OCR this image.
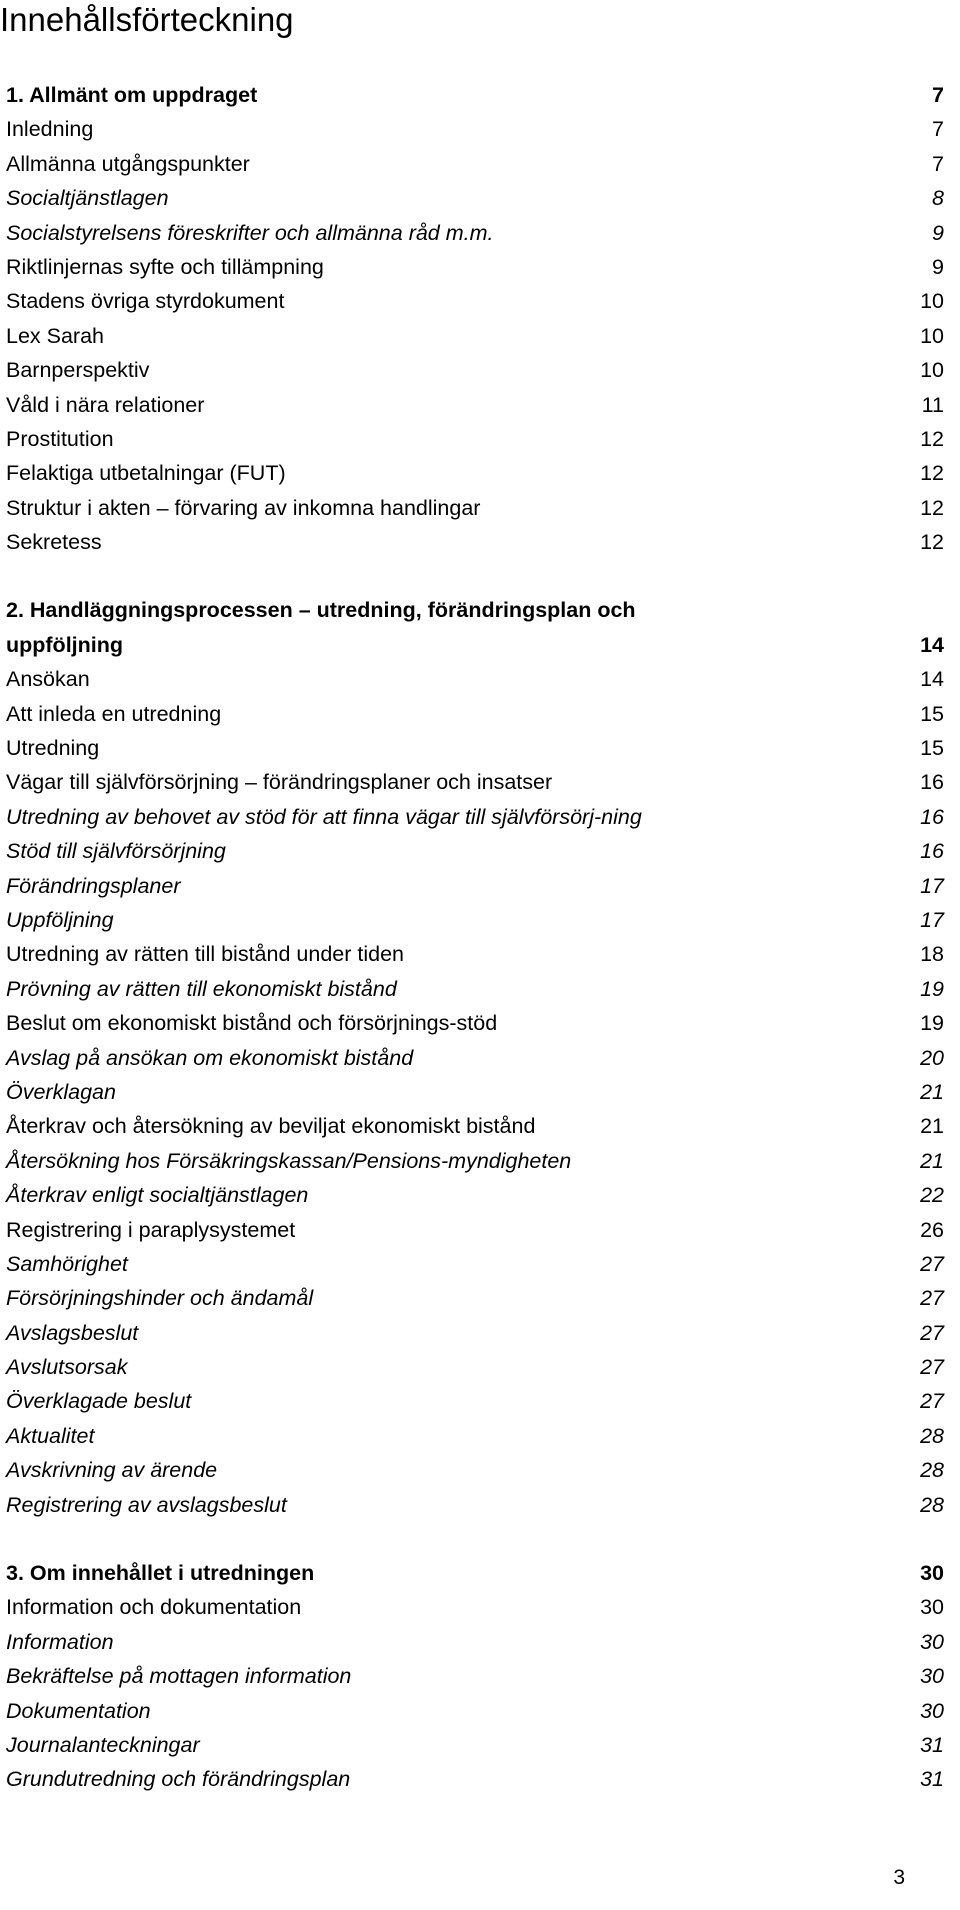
Innehållsförteckning
1. Allmänt om uppdraget	7
Inledning	7
Allmänna utgångspunkter	7
Socialtjänstlagen	8
Socialstyrelsens föreskrifter och allmänna råd m.m.	9
Riktlinjernas syfte och tillämpning	9
Stadens övriga styrdokument	10
Lex Sarah	10
Barnperspektiv	10
Våld i nära relationer	11
Prostitution	12
Felaktiga utbetalningar (FUT)	12
Struktur i akten – förvaring av inkomna handlingar	12
Sekretess	12
2. Handläggningsprocessen – utredning, förändringsplan och
uppföljning	14
Ansökan	14
Att inleda en utredning	15
Utredning	15
Vägar till självförsörjning – förändringsplaner och insatser	16
Utredning av behovet av stöd för att finna vägar till självförsörj-ning	16
Stöd till självförsörjning	16
Förändringsplaner	17
Uppföljning	17
Utredning av rätten till bistånd under tiden	18
Prövning av rätten till ekonomiskt bistånd	19
Beslut om ekonomiskt bistånd och försörjnings-stöd	19
Avslag på ansökan om ekonomiskt bistånd	20
Överklagan	21
Återkrav och återsökning av beviljat ekonomiskt bistånd	21
Återsökning hos Försäkringskassan/Pensions-myndigheten	21
Återkrav enligt socialtjänstlagen	22
Registrering i paraplysystemet	26
Samhörighet	27
Försörjningshinder och ändamål	27
Avslagsbeslut	27
Avslutsorsak	27
Överklagade beslut	27
Aktualitet	28
Avskrivning av ärende	28
Registrering av avslagsbeslut	28
3. Om innehållet i utredningen	30
Information och dokumentation	30
Information	30
Bekräftelse på mottagen information	30
Dokumentation	30
Journalanteckningar	31
Grundutredning och förändringsplan	31
3
